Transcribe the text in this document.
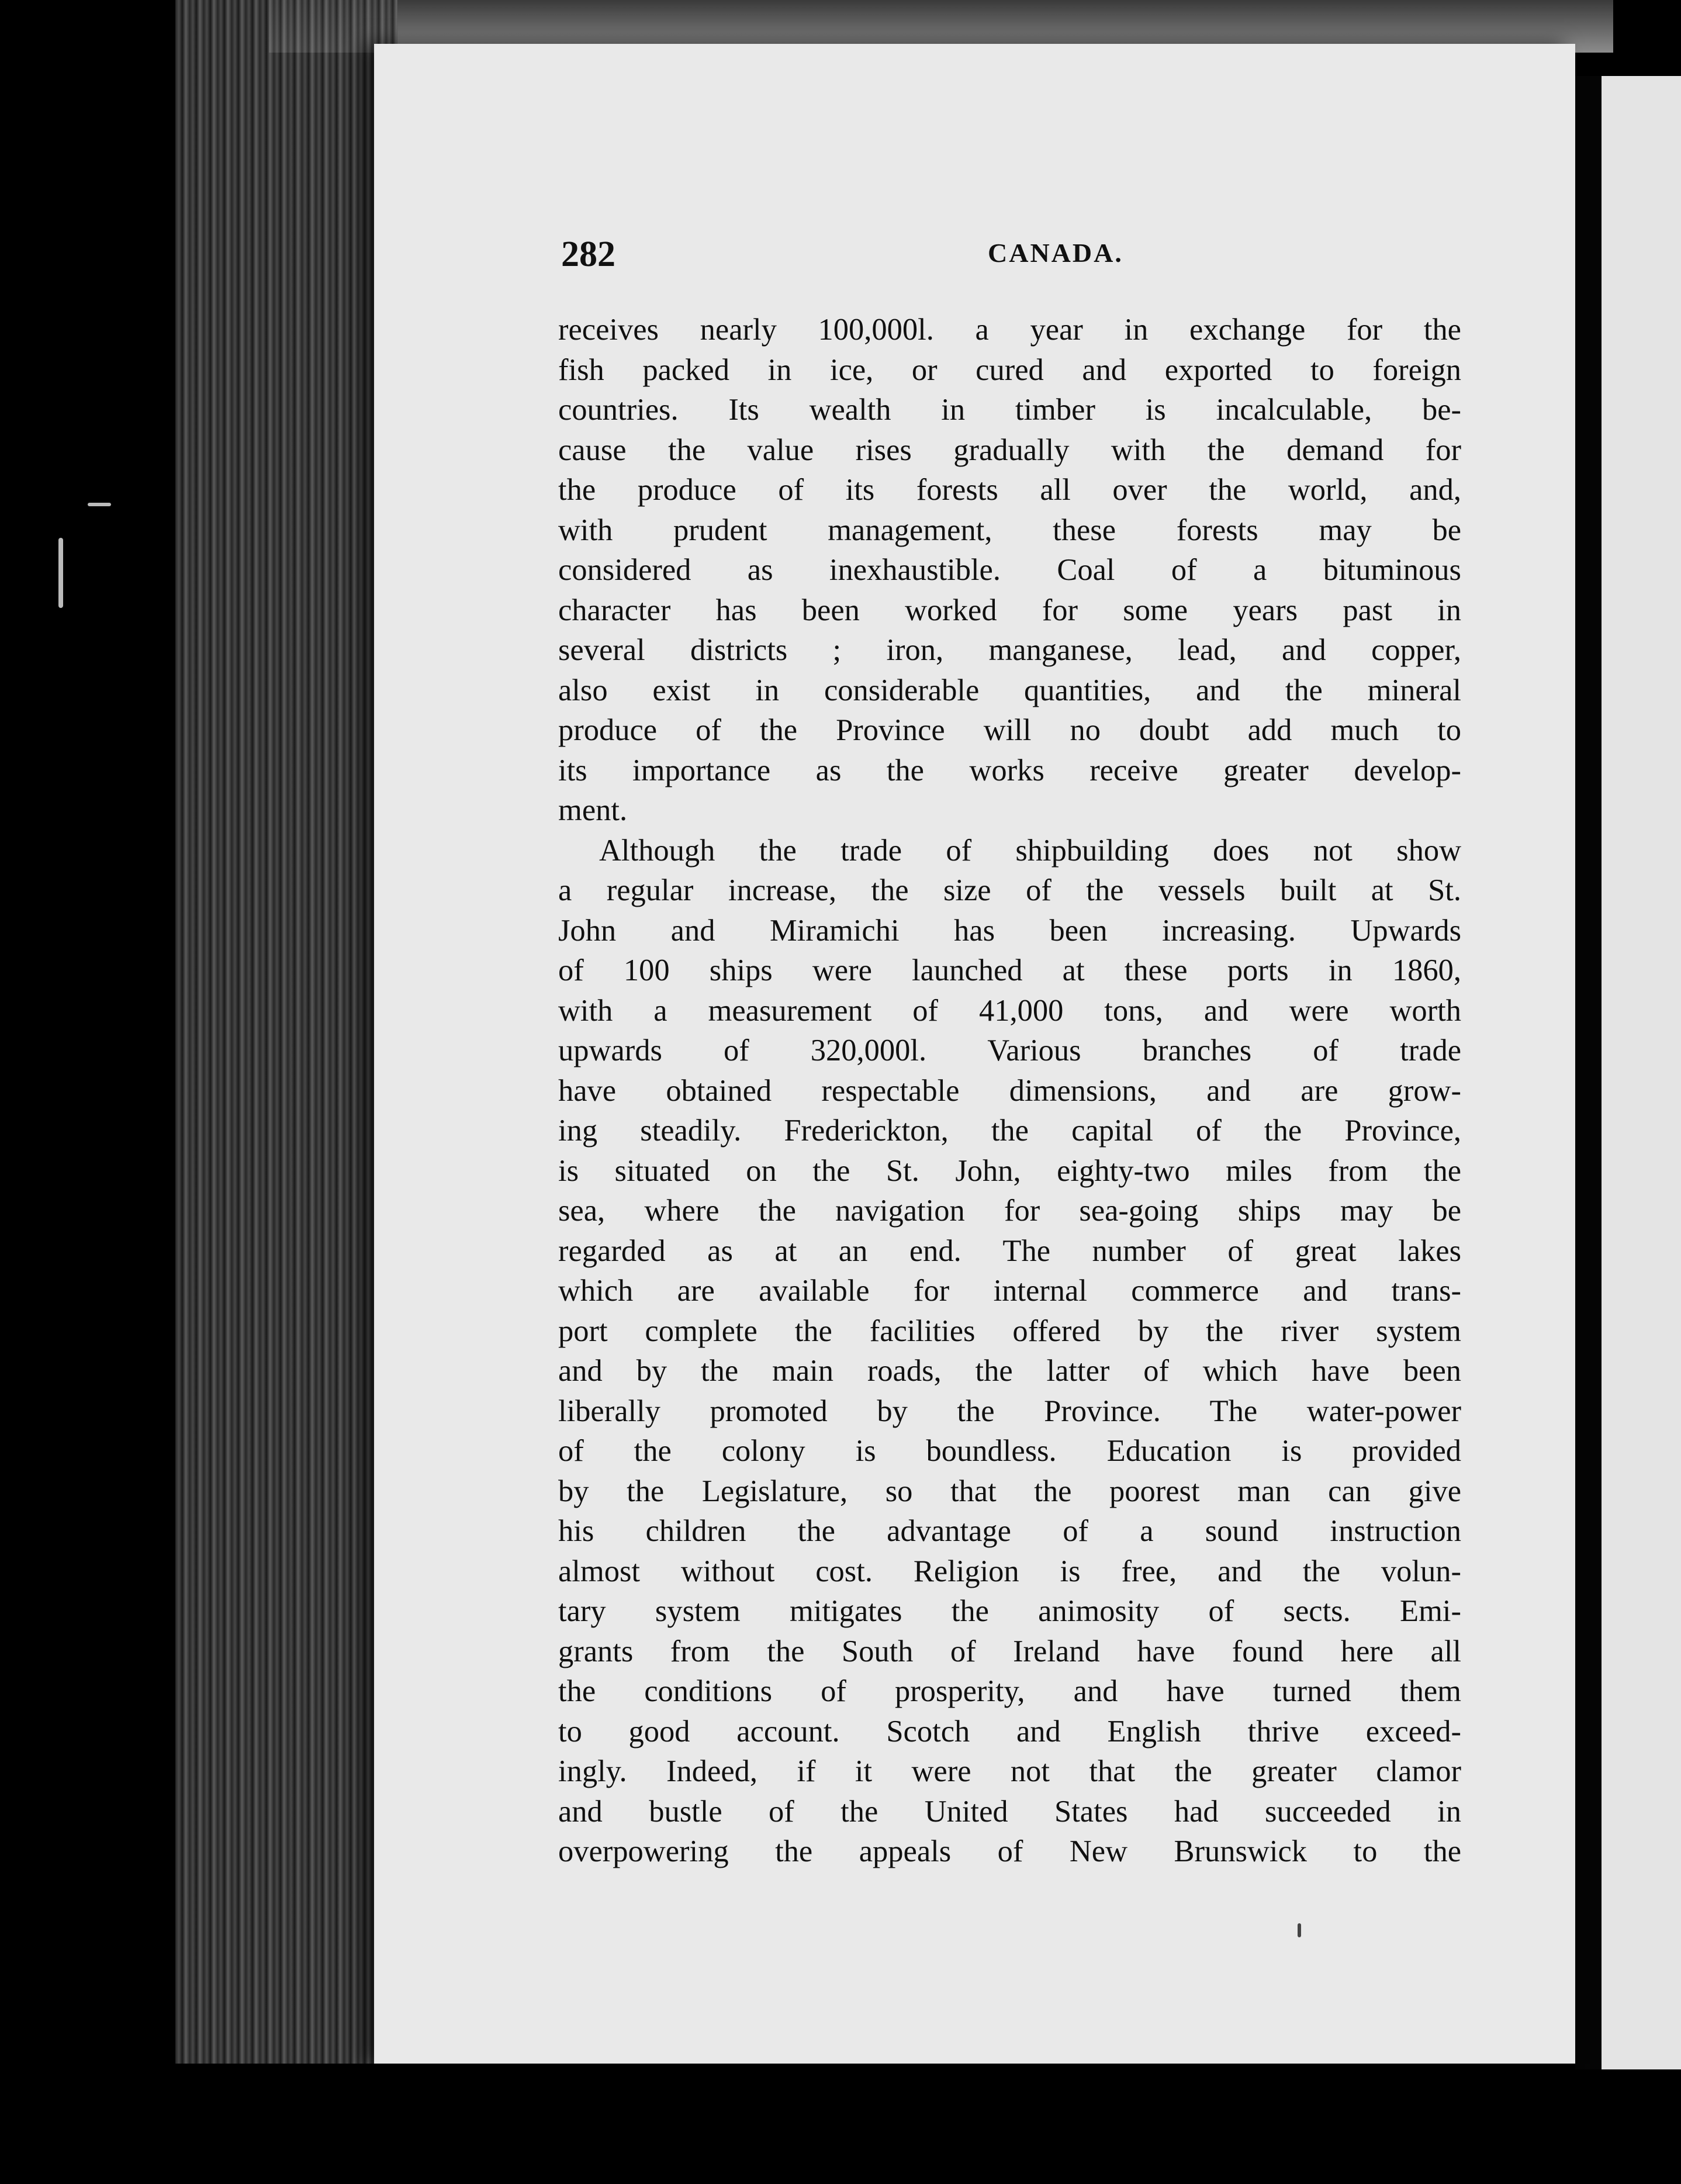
282	CANADA.
receives nearly 100,000l. a year in exchange for the
fish packed in ice, or cured and exported to foreign
countries. Its wealth in timber is incalculable, be-
cause the value rises gradually with the demand for
the produce of its forests all over the world, and,
with prudent management, these forests may be
considered as inexhaustible. Coal of a bituminous
character has been worked for some years past in
several districts ; iron, manganese, lead, and copper,
also exist in considerable quantities, and the mineral
produce of the Province will no doubt add much to
its importance as the works receive greater develop-
ment.
Although the trade of shipbuilding does not show
a regular increase, the size of the vessels built at St.
John and Miramichi has been increasing. Upwards
of 100 ships were launched at these ports in 1860,
with a measurement of 41,000 tons, and were worth
upwards of 320,000l. Various branches of trade
have obtained respectable dimensions, and are grow-
ing steadily. Frederickton, the capital of the Province,
is situated on the St. John, eighty-two miles from the
sea, where the navigation for sea-going ships may be
regarded as at an end. The number of great lakes
which are available for internal commerce and trans-
port complete the facilities offered by the river system
and by the main roads, the latter of which have been
liberally promoted by the Province. The water-power
of the colony is boundless. Education is provided
by the Legislature, so that the poorest man can give
his children the advantage of a sound instruction
almost without cost. Religion is free, and the volun-
tary system mitigates the animosity of sects. Emi-
grants from the South of Ireland have found here all
the conditions of prosperity, and have turned them
to good account. Scotch and English thrive exceed-
ingly. Indeed, if it were not that the greater clamor
and bustle of the United States had succeeded in
overpowering the appeals of New Brunswick to the
